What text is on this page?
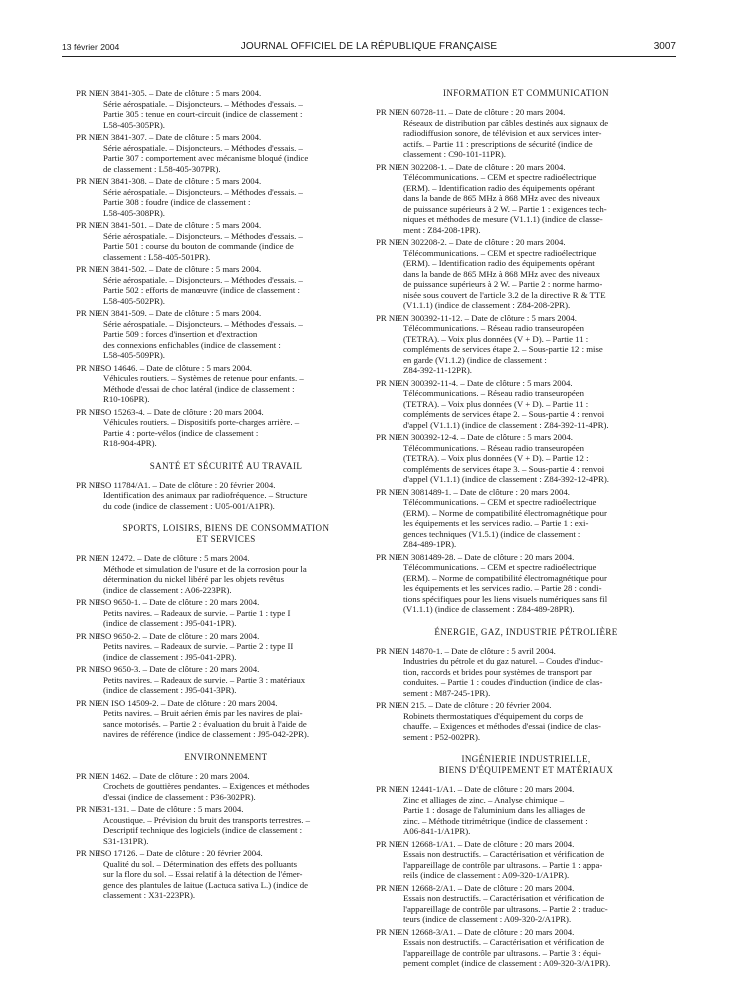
13 février 2004	JOURNAL OFFICIEL DE LA RÉPUBLIQUE FRANÇAISE	3007
PR NF EN 3841-305. – Date de clôture : 5 mars 2004.
Série aérospatiale. – Disjoncteurs. – Méthodes d'essais. –
Partie 305 : tenue en court-circuit (indice de classement :
L58-405-305PR).
PR NF EN 3841-307. – Date de clôture : 5 mars 2004.
Série aérospatiale. – Disjoncteurs. – Méthodes d'essais. –
Partie 307 : comportement avec mécanisme bloqué (indice
de classement : L58-405-307PR).
PR NF EN 3841-308. – Date de clôture : 5 mars 2004.
Série aérospatiale. – Disjoncteurs. – Méthodes d'essais. –
Partie 308 : foudre (indice de classement :
L58-405-308PR).
PR NF EN 3841-501. – Date de clôture : 5 mars 2004.
Série aérospatiale. – Disjoncteurs. – Méthodes d'essais. –
Partie 501 : course du bouton de commande (indice de
classement : L58-405-501PR).
PR NF EN 3841-502. – Date de clôture : 5 mars 2004.
Série aérospatiale. – Disjoncteurs. – Méthodes d'essais. –
Partie 502 : efforts de manœuvre (indice de classement :
L58-405-502PR).
PR NF EN 3841-509. – Date de clôture : 5 mars 2004.
Série aérospatiale. – Disjoncteurs. – Méthodes d'essais. –
Partie 509 : forces d'insertion et d'extraction
des connexions enfichables (indice de classement :
L58-405-509PR).
PR NF ISO 14646. – Date de clôture : 5 mars 2004.
Véhicules routiers. – Systèmes de retenue pour enfants. –
Méthode d'essai de choc latéral (indice de classement :
R10-106PR).
PR NF ISO 15263-4. – Date de clôture : 20 mars 2004.
Véhicules routiers. – Dispositifs porte-charges arrière. –
Partie 4 : porte-vélos (indice de classement :
R18-904-4PR).
SANTÉ ET SÉCURITÉ AU TRAVAIL
PR NF ISO 11784/A1. – Date de clôture : 20 février 2004.
Identification des animaux par radiofréquence. – Structure
du code (indice de classement : U05-001/A1PR).
SPORTS, LOISIRS, BIENS DE CONSOMMATION
ET SERVICES
PR NF EN 12472. – Date de clôture : 5 mars 2004.
Méthode et simulation de l'usure et de la corrosion pour la
détermination du nickel libéré par les objets revêtus
(indice de classement : A06-223PR).
PR NF ISO 9650-1. – Date de clôture : 20 mars 2004.
Petits navires. – Radeaux de survie. – Partie 1 : type I
(indice de classement : J95-041-1PR).
PR NF ISO 9650-2. – Date de clôture : 20 mars 2004.
Petits navires. – Radeaux de survie. – Partie 2 : type II
(indice de classement : J95-041-2PR).
PR NF ISO 9650-3. – Date de clôture : 20 mars 2004.
Petits navires. – Radeaux de survie. – Partie 3 : matériaux
(indice de classement : J95-041-3PR).
PR NF EN ISO 14509-2. – Date de clôture : 20 mars 2004.
Petits navires. – Bruit aérien émis par les navires de plai-
sance motorisés. – Partie 2 : évaluation du bruit à l'aide de
navires de référence (indice de classement : J95-042-2PR).
ENVIRONNEMENT
PR NF EN 1462. – Date de clôture : 20 mars 2004.
Crochets de gouttières pendantes. – Exigences et méthodes
d'essai (indice de classement : P36-302PR).
PR NF S31-131. – Date de clôture : 5 mars 2004.
Acoustique. – Prévision du bruit des transports terrestres. –
Descriptif technique des logiciels (indice de classement :
S31-131PR).
PR NF ISO 17126. – Date de clôture : 20 février 2004.
Qualité du sol. – Détermination des effets des polluants
sur la flore du sol. – Essai relatif à la détection de l'émer-
gence des plantules de laitue (Lactuca sativa L.) (indice de
classement : X31-223PR).
INFORMATION ET COMMUNICATION
PR NF EN 60728-11. – Date de clôture : 20 mars 2004.
Réseaux de distribution par câbles destinés aux signaux de
radiodiffusion sonore, de télévision et aux services inter-
actifs. – Partie 11 : prescriptions de sécurité (indice de
classement : C90-101-11PR).
PR NF EN 302208-1. – Date de clôture : 20 mars 2004.
Télécommunications. – CEM et spectre radioélectrique
(ERM). – Identification radio des équipements opérant
dans la bande de 865 MHz à 868 MHz avec des niveaux
de puissance supérieurs à 2 W. – Partie 1 : exigences tech-
niques et méthodes de mesure (V1.1.1) (indice de classe-
ment : Z84-208-1PR).
PR NF EN 302208-2. – Date de clôture : 20 mars 2004.
Télécommunications. – CEM et spectre radioélectrique
(ERM). – Identification radio des équipements opérant
dans la bande de 865 MHz à 868 MHz avec des niveaux
de puissance supérieurs à 2 W. – Partie 2 : norme harmo-
nisée sous couvert de l'article 3.2 de la directive R & TTE
(V1.1.1) (indice de classement : Z84-208-2PR).
PR NF EN 300392-11-12. – Date de clôture : 5 mars 2004.
Télécommunications. – Réseau radio transeuropéen
(TETRA). – Voix plus données (V + D). – Partie 11 :
compléments de services étape 2. – Sous-partie 12 : mise
en garde (V1.1.2) (indice de classement :
Z84-392-11-12PR).
PR NF EN 300392-11-4. – Date de clôture : 5 mars 2004.
Télécommunications. – Réseau radio transeuropéen
(TETRA). – Voix plus données (V + D). – Partie 11 :
compléments de services étape 2. – Sous-partie 4 : renvoi
d'appel (V1.1.1) (indice de classement : Z84-392-11-4PR).
PR NF EN 300392-12-4. – Date de clôture : 5 mars 2004.
Télécommunications. – Réseau radio transeuropéen
(TETRA). – Voix plus données (V + D). – Partie 12 :
compléments de services étape 3. – Sous-partie 4 : renvoi
d'appel (V1.1.1) (indice de classement : Z84-392-12-4PR).
PR NF EN 3081489-1. – Date de clôture : 20 mars 2004.
Télécommunications. – CEM et spectre radioélectrique
(ERM). – Norme de compatibilité électromagnétique pour
les équipements et les services radio. – Partie 1 : exi-
gences techniques (V1.5.1) (indice de classement :
Z84-489-1PR).
PR NF EN 3081489-28. – Date de clôture : 20 mars 2004.
Télécommunications. – CEM et spectre radioélectrique
(ERM). – Norme de compatibilité électromagnétique pour
les équipements et les services radio. – Partie 28 : condi-
tions spécifiques pour les liens visuels numériques sans fil
(V1.1.1) (indice de classement : Z84-489-28PR).
ÉNERGIE, GAZ, INDUSTRIE PÉTROLIÈRE
PR NF EN 14870-1. – Date de clôture : 5 avril 2004.
Industries du pétrole et du gaz naturel. – Coudes d'induc-
tion, raccords et brides pour systèmes de transport par
conduites. – Partie 1 : coudes d'induction (indice de clas-
sement : M87-245-1PR).
PR NF EN 215. – Date de clôture : 20 février 2004.
Robinets thermostatiques d'équipement du corps de
chauffe. – Exigences et méthodes d'essai (indice de clas-
sement : P52-002PR).
INGÉNIERIE INDUSTRIELLE,
BIENS D'ÉQUIPEMENT ET MATÉRIAUX
PR NF EN 12441-1/A1. – Date de clôture : 20 mars 2004.
Zinc et alliages de zinc. – Analyse chimique –
Partie 1 : dosage de l'aluminium dans les alliages de
zinc. – Méthode titrimétrique (indice de classement :
A06-841-1/A1PR).
PR NF EN 12668-1/A1. – Date de clôture : 20 mars 2004.
Essais non destructifs. – Caractérisation et vérification de
l'appareillage de contrôle par ultrasons. – Partie 1 : appa-
reils (indice de classement : A09-320-1/A1PR).
PR NF EN 12668-2/A1. – Date de clôture : 20 mars 2004.
Essais non destructifs. – Caractérisation et vérification de
l'appareillage de contrôle par ultrasons. – Partie 2 : traduc-
teurs (indice de classement : A09-320-2/A1PR).
PR NF EN 12668-3/A1. – Date de clôture : 20 mars 2004.
Essais non destructifs. – Caractérisation et vérification de
l'appareillage de contrôle par ultrasons. – Partie 3 : équi-
pement complet (indice de classement : A09-320-3/A1PR).
